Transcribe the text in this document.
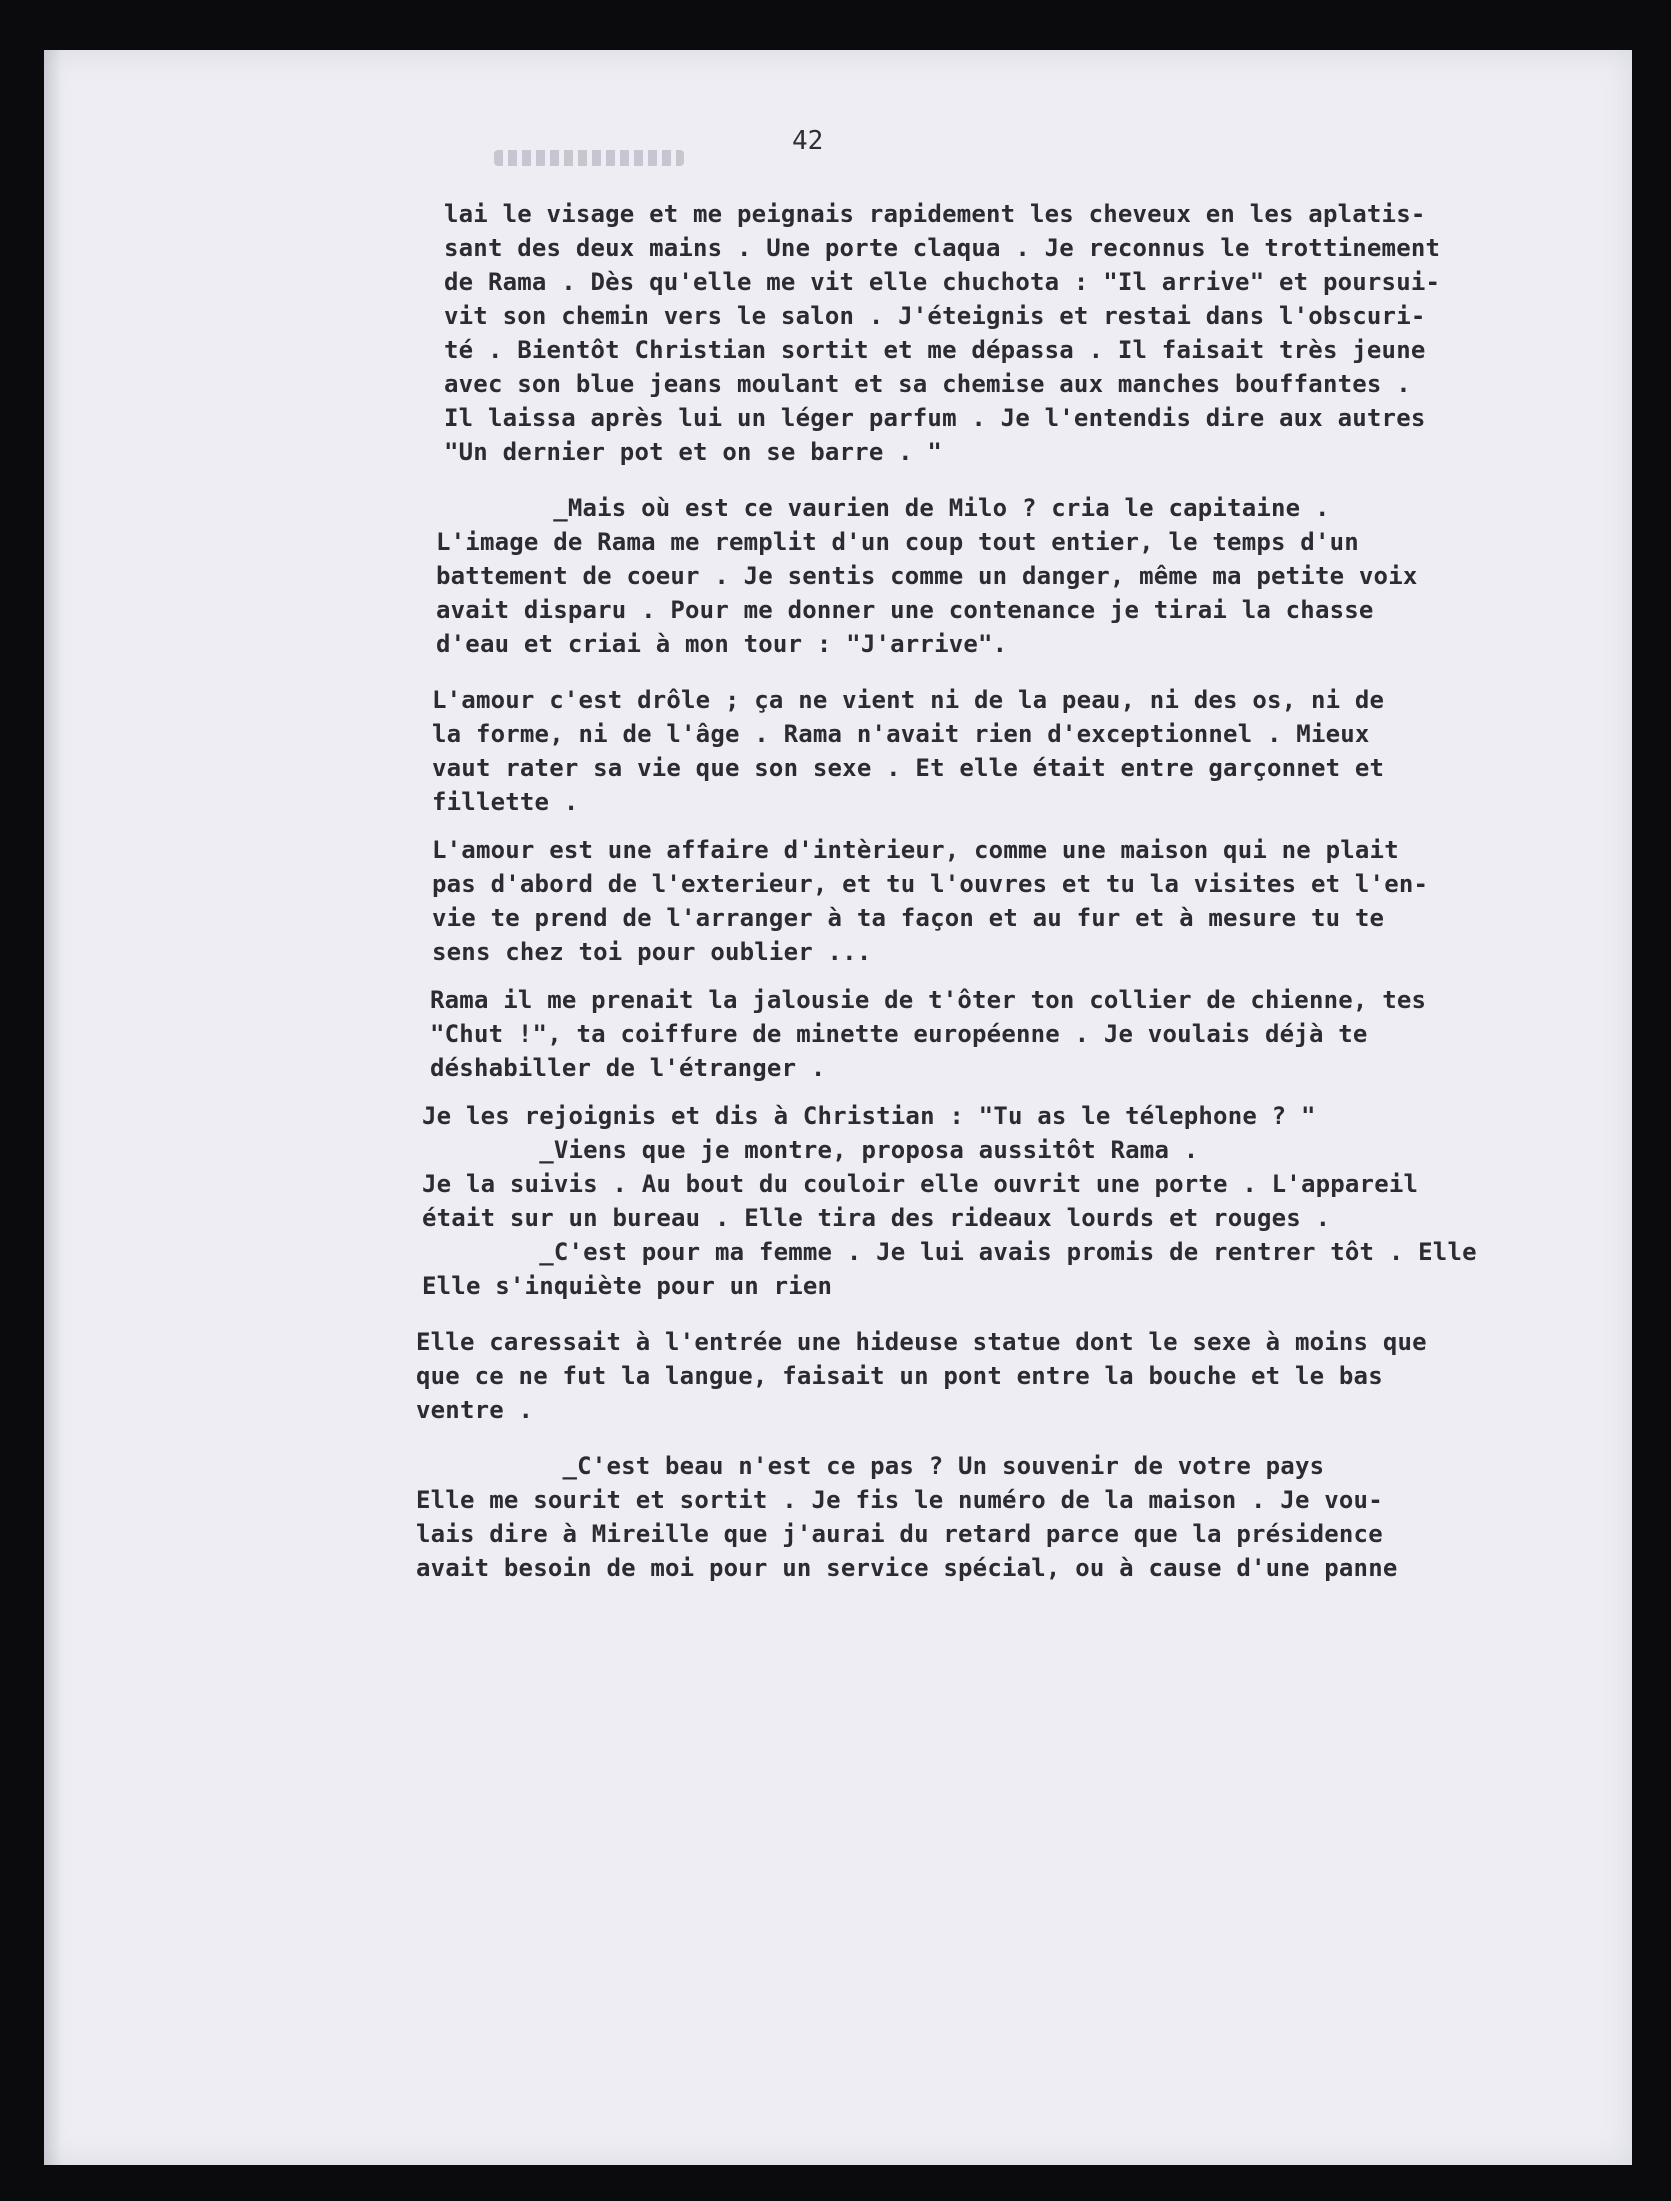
42
lai le visage et me peignais rapidement les cheveux en les aplatis-
sant des deux mains . Une porte claqua . Je reconnus le trottinement
de Rama . Dès qu'elle me vit elle chuchota : "Il arrive" et poursui-
vit son chemin vers le salon . J'éteignis et restai dans l'obscuri-
té . Bientôt Christian sortit et me dépassa . Il faisait très jeune
avec son blue jeans moulant et sa chemise aux manches bouffantes .
Il laissa après lui un léger parfum . Je l'entendis dire aux autres
"Un dernier pot et on se barre . "
_Mais où est ce vaurien de Milo ? cria le capitaine .
L'image de Rama me remplit d'un coup tout entier, le temps d'un
battement de coeur . Je sentis comme un danger, même ma petite voix
avait disparu . Pour me donner une contenance je tirai la chasse
d'eau et criai à mon tour : "J'arrive".
L'amour c'est drôle ; ça ne vient ni de la peau, ni des os, ni de
la forme, ni de l'âge . Rama n'avait rien d'exceptionnel . Mieux
vaut rater sa vie que son sexe . Et elle était entre garçonnet et
fillette .
L'amour est une affaire d'intèrieur, comme une maison qui ne plait
pas d'abord de l'exterieur, et tu l'ouvres et tu la visites et l'en-
vie te prend de l'arranger à ta façon et au fur et à mesure tu te
sens chez toi pour oublier ...
Rama il me prenait la jalousie de t'ôter ton collier de chienne, tes
"Chut !", ta coiffure de minette européenne . Je voulais déjà te
déshabiller de l'étranger .
Je les rejoignis et dis à Christian : "Tu as le télephone ? "
_Viens que je montre, proposa aussitôt Rama .
Je la suivis . Au bout du couloir elle ouvrit une porte . L'appareil
était sur un bureau . Elle tira des rideaux lourds et rouges .
_C'est pour ma femme . Je lui avais promis de rentrer tôt . Elle
Elle s'inquiète pour un rien
Elle caressait à l'entrée une hideuse statue dont le sexe à moins que
que ce ne fut la langue, faisait un pont entre la bouche et le bas
ventre .
_C'est beau n'est ce pas ? Un souvenir de votre pays
Elle me sourit et sortit . Je fis le numéro de la maison . Je vou-
lais dire à Mireille que j'aurai du retard parce que la présidence
avait besoin de moi pour un service spécial, ou à cause d'une panne
